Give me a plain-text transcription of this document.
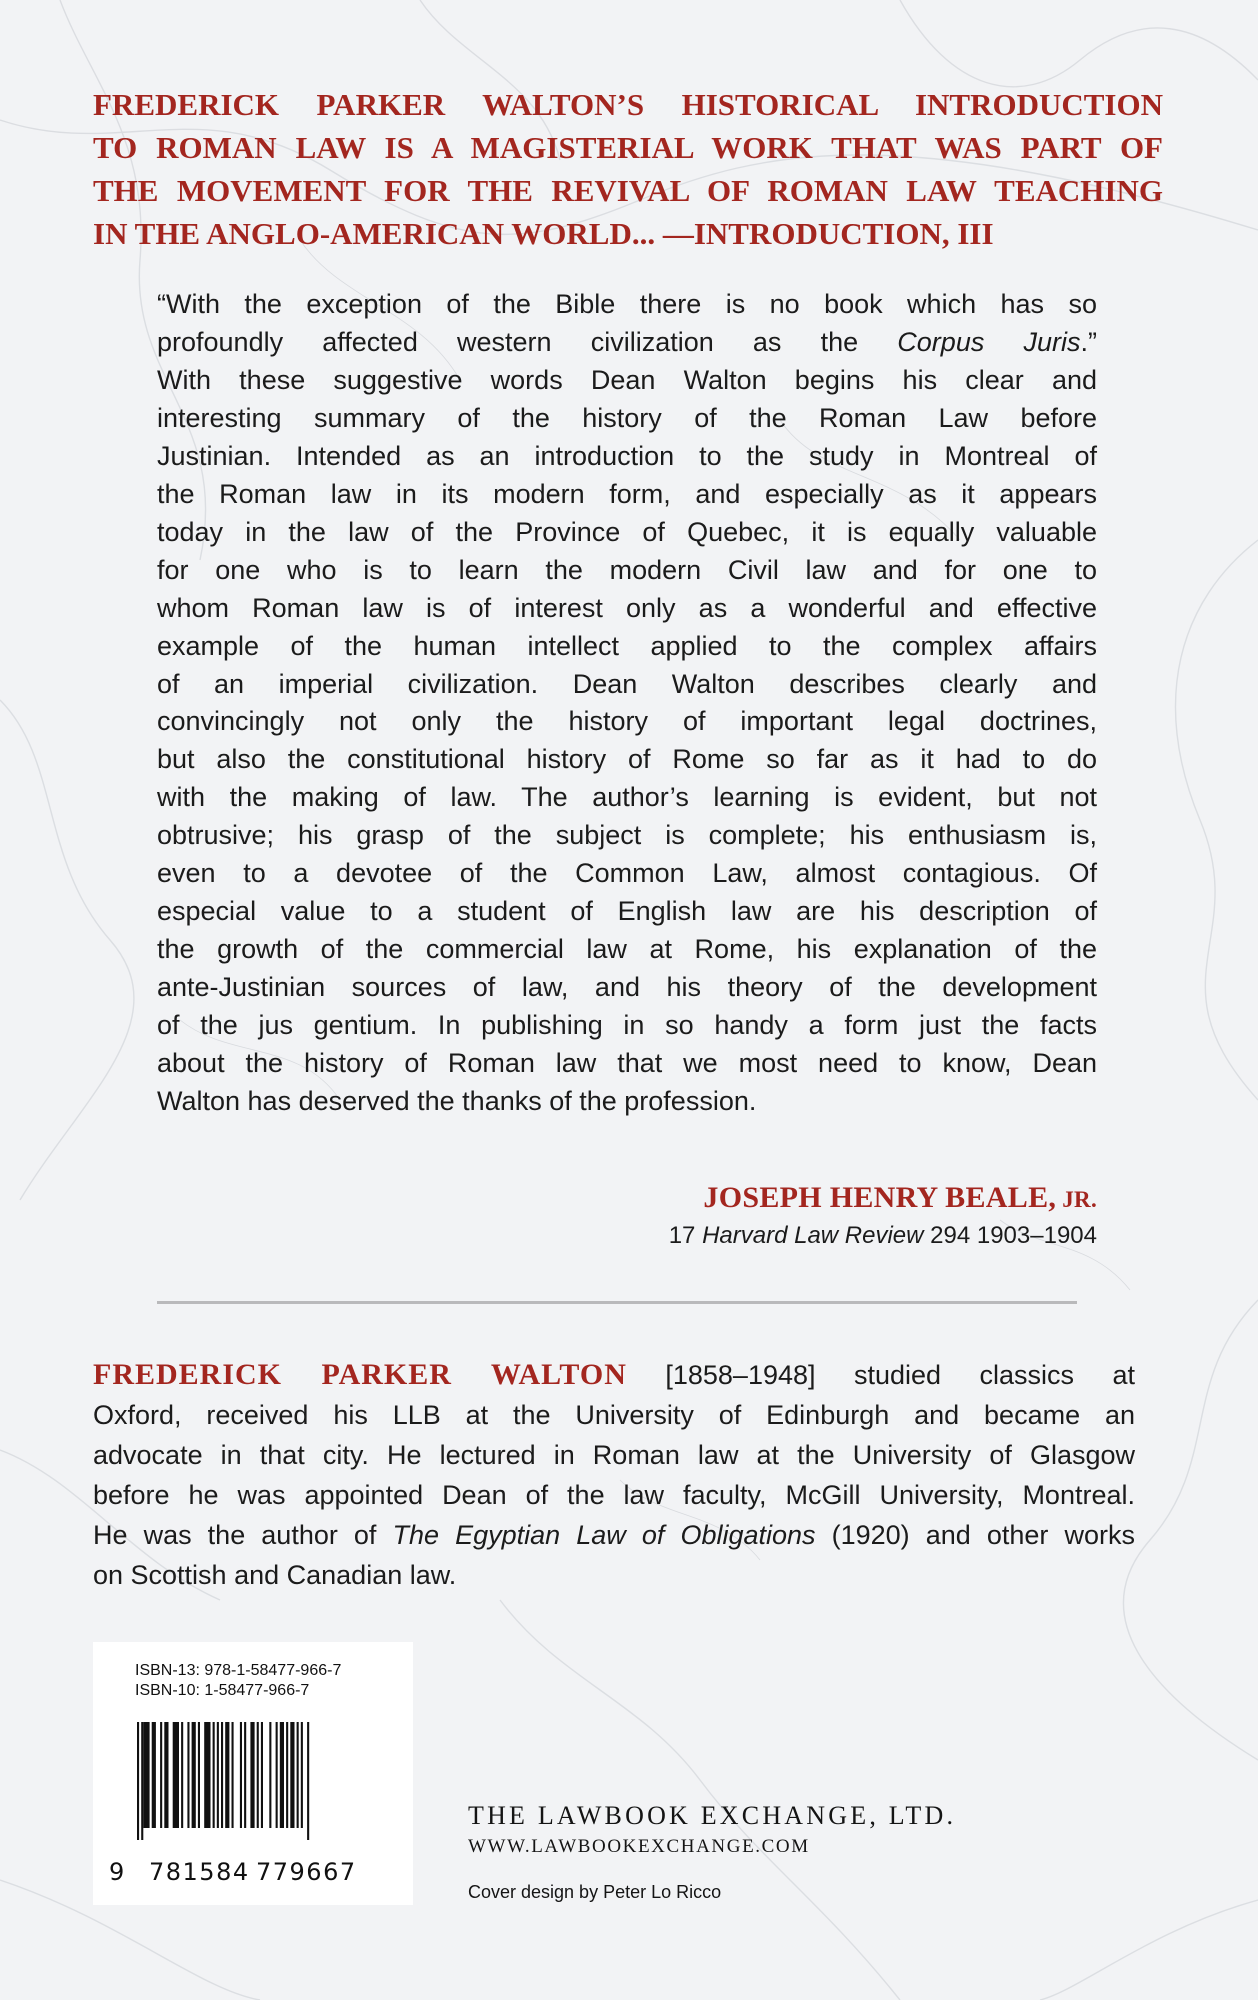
FREDERICK PARKER WALTON’S HISTORICAL INTRODUCTION
TO ROMAN LAW IS A MAGISTERIAL WORK THAT WAS PART OF
THE MOVEMENT FOR THE REVIVAL OF ROMAN LAW TEACHING
IN THE ANGLO-AMERICAN WORLD... —INTRODUCTION, III
“With the exception of the Bible there is no book which has so
profoundly affected western civilization as the Corpus Juris.”
With these suggestive words Dean Walton begins his clear and
interesting summary of the history of the Roman Law before
Justinian. Intended as an introduction to the study in Montreal of
the Roman law in its modern form, and especially as it appears
today in the law of the Province of Quebec, it is equally valuable
for one who is to learn the modern Civil law and for one to
whom Roman law is of interest only as a wonderful and effective
example of the human intellect applied to the complex affairs
of an imperial civilization. Dean Walton describes clearly and
convincingly not only the history of important legal doctrines,
but also the constitutional history of Rome so far as it had to do
with the making of law. The author’s learning is evident, but not
obtrusive; his grasp of the subject is complete; his enthusiasm is,
even to a devotee of the Common Law, almost contagious. Of
especial value to a student of English law are his description of
the growth of the commercial law at Rome, his explanation of the
ante-Justinian sources of law, and his theory of the development
of the jus gentium. In publishing in so handy a form just the facts
about the history of Roman law that we most need to know, Dean
Walton has deserved the thanks of the profession.
JOSEPH HENRY BEALE, JR.
17 Harvard Law Review 294 1903–1904
FREDERICK PARKER WALTON [1858–1948] studied classics at
Oxford, received his LLB at the University of Edinburgh and became an
advocate in that city. He lectured in Roman law at the University of Glasgow
before he was appointed Dean of the law faculty, McGill University, Montreal.
He was the author of The Egyptian Law of Obligations (1920) and other works
on Scottish and Canadian law.
ISBN-13: 978-1-58477-966-7
ISBN-10: 1-58477-966-7
9 781584 779667
THE LAWBOOK EXCHANGE, LTD.
WWW.LAWBOOKEXCHANGE.COM
Cover design by Peter Lo Ricco
